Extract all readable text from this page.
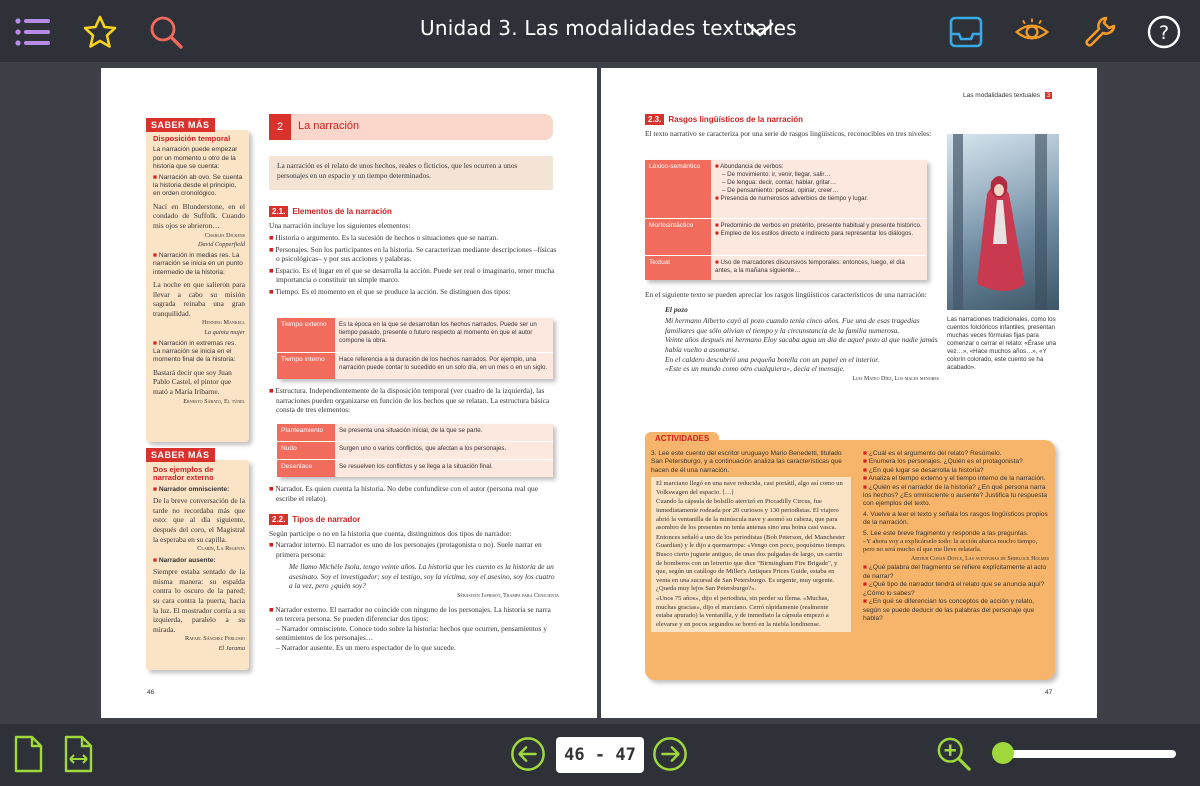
Unidad 3. Las modalidades textuales	?
SABER MÁS
Disposición temporal
La narración puede empezar por un momento u otro de la historia que se cuenta:
■ Narración ab ovo. Se cuenta la historia desde el principio, en orden cronológico.
Nací en Blunderstone, en el condado de Suffolk. Cuando mis ojos se abrieron…
Charles Dickens
David Copperfield
■ Narración in medias res. La narración se inicia en un punto intermedio de la historia:
La noche en que salieron para llevar a cabo su misión sagrada reinaba una gran tranquilidad.
Henning Mankell
La quinta mujer
■ Narración in extremas res. La narración se inicia en el momento final de la historia:
Bastará decir que soy Juan Pablo Castel, el pintor que mató a María Iribarne.
Ernesto Sábato, El túnel
SABER MÁS
Dos ejemplos de narrador externo
■ Narrador omnisciente:
De la breve conversación de la tarde no recordaba más que esto: que al día siguiente, después del coro, el Magistral la esperaba en su capilla.
Clarín, La Regenta
■ Narrador ausente:
Siempre estaba sentado de la misma manera: su espalda contra lo oscuro de la pared; su cara contra la puerta, hacia la luz. El mostrador corría a su izquierda, paralelo a su mirada.
Rafael Sánchez Ferlosio
El Jarama
2	La narración
La narración es el relato de unos hechos, reales o ficticios, que les ocurren a unos personajes en un espacio y un tiempo determinados.
2.1. Elementos de la narración
Una narración incluye los siguientes elementos:
■ Historia o argumento. Es la sucesión de hechos o situaciones que se narran.
■ Personajes. Son los participantes en la historia. Se caracterizan mediante descripciones –físicas o psicológicas– y por sus acciones y palabras.
■ Espacio. Es el lugar en el que se desarrolla la acción. Puede ser real o imaginario, tener mucha importancia o constituir un simple marco.
■ Tiempo. Es el momento en el que se produce la acción. Se distinguen dos tipos:
Tiempo externo	Es la época en la que se desarrollan los hechos narrados. Puede ser un tiempo pasado, presente o futuro respecto al momento en que el autor compone la obra.
Tiempo interno	Hace referencia a la duración de los hechos narrados. Por ejemplo, una narración puede contar lo sucedido en un solo día, en un mes o en un siglo.
■ Estructura. Independientemente de la disposición temporal (ver cuadro de la izquierda), las narraciones pueden organizarse en función de los hechos que se relatan. La estructura básica consta de tres elementos:
Planteamiento	Se presenta una situación inicial, de la que se parte.
Nudo	Surgen uno o varios conflictos, que afectan a los personajes.
Desenlace	Se resuelven los conflictos y se llega a la situación final.
■ Narrador. Es quien cuenta la historia. No debe confundirse con el autor (persona real que escribe el relato).
2.2. Tipos de narrador
Según participe o no en la historia que cuenta, distinguimos dos tipos de narrador:
■ Narrador interno. El narrador es uno de los personajes (protagonista o no). Suele narrar en primera persona:
Me llamo Michèle Isola, tengo veinte años. La historia que les cuento es la historia de un asesinato. Soy el investigador; soy el testigo, soy la víctima, soy el asesino, soy los cuatro a la vez, pero ¿quién soy?
Sébastien Japrisot, Trampa para Cenicienta
■ Narrador externo. El narrador no coincide con ninguno de los personajes. La historia se narra en tercera persona. Se pueden diferenciar dos tipos:
– Narrador omnisciente. Conoce todo sobre la historia: hechos que ocurren, pensamientos y sentimientos de los personajes…
– Narrador ausente. Es un mero espectador de lo que sucede.
46
Las modalidades textuales 3
2.3. Rasgos lingüísticos de la narración
El texto narrativo se caracteriza por una serie de rasgos lingüísticos, reconocibles en tres niveles:
Léxico-semántico	■ Abundancia de verbos:
– De movimiento: ir, venir, llegar, salir…
– De lengua: decir, contar, hablar, gritar…
– De pensamiento: pensar, opinar, creer…
■ Presencia de numerosos adverbios de tiempo y lugar.
Morfosintáctico	■ Predominio de verbos en pretérito, presente habitual y presente histórico.
■ Empleo de los estilos directo e indirecto para representar los diálogos.
Textual	■ Uso de marcadores discursivos temporales: entonces, luego, el día antes, a la mañana siguiente…
Las narraciones tradicionales, como los cuentos folclóricos infantiles, presentan muchas veces fórmulas fijas para comenzar o cerrar el relato: «Érase una vez…», «Hace muchos años…», «Y colorín colorado, este cuento se ha acabado».
En el siguiente texto se pueden apreciar los rasgos lingüísticos característicos de una narración:
El pozo
Mi hermano Alberto cayó al pozo cuando tenía cinco años. Fue una de esas tragedias familiares que sólo alivian el tiempo y la circunstancia de la familia numerosa.
Veinte años después mi hermano Eloy sacaba agua un día de aquel pozo al que nadie jamás había vuelto a asomarse.
En el caldero descubrió una pequeña botella con un papel en el interior.
«Este es un mundo como otro cualquiera», decía el mensaje.
Luis Mateo Díez, Los males menores
ACTIVIDADES
3. Lee este cuento del escritor uruguayo Mario Benedetti, titulado San Petersburgo, y a continuación analiza las características que hacen de él una narración.
El marciano llegó en una nave reducida, casi portátil, algo así como un Volkswagen del espacio. […]
Cuando la cápsula de bolsillo aterrizó en Piccadilly Circus, fue inmediatamente rodeada por 20 curiosos y 130 periodistas. El viajero abrió la ventanilla de la minúscula nave y asomó su cabeza, que para asombro de los presentes no tenía antenas sino una boina casi vasca.
Entonces señaló a uno de los periodistas (Bob Peterson, del Manchester Guardian) y le dijo a quemarropa: «Vengo con poco, poquísimo tiempo. Busco cierto juguete antiguo, de unas dos pulgadas de largo, un carrito de bomberos con un letrerito que dice "Birmingham Fire Brigade", y que, según un catálogo de Miller's Antiques Prices Guide, estaba en venta en una sucursal de San Petersburgo. Es urgente, muy urgente. ¿Queda muy lejos San Petersburgo?».
«Unos 75 años», dijo el periodista, sin perder su flema. «Muchas, muchas gracias», dijo el marciano. Cerró rápidamente (realmente estaba apurado) la ventanilla, y de inmediato la cápsula empezó a elevarse y en pocos segundos se borró en la niebla londinense.
■ ¿Cuál es el argumento del relato? Resúmelo.
■ Enumera los personajes. ¿Quién es el protagonista?
■ ¿En qué lugar se desarrolla la historia?
■ Analiza el tiempo externo y el tiempo interno de la narración.
■ ¿Quién es el narrador de la historia? ¿En qué persona narra los hechos? ¿Es omnisciente o ausente? Justifica tu respuesta con ejemplos del texto.
4. Vuelve a leer el texto y señala los rasgos lingüísticos propios de la narración.
5. Lee este breve fragmento y responde a las preguntas.
–Y ahora voy a explicárselo todo: la acción abarca mucho tiempo, pero no será mucho el que me lleve relatarla.
Arthur Conan Doyle, Las aventuras de Sherlock Holmes
■ ¿Qué palabra del fragmento se refiere explícitamente al acto de narrar?
■ ¿Qué tipo de narrador tendrá el relato que se anuncia aquí? ¿Cómo lo sabes?
■ ¿En qué se diferencian los conceptos de acción y relato, según se puede deducir de las palabras del personaje que habla?
47
46 - 47
